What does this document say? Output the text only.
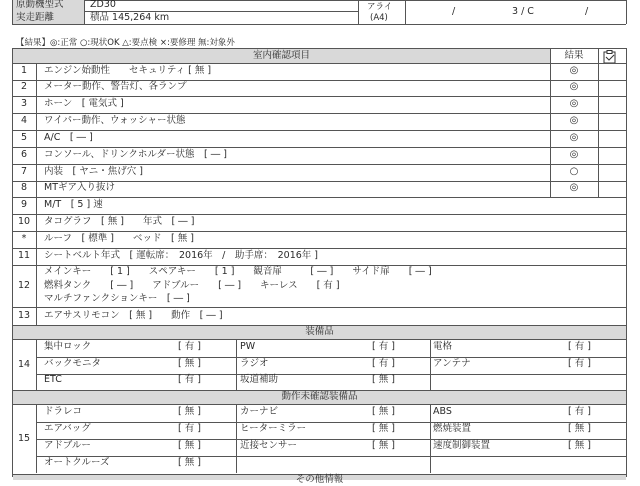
原動機型式	ZD30
実走距離	積品 145,264 km
アライ
(A4)
/	3 / C	/
【結果】◎:正常 ○:現状OK △:要点検 ×:要修理 無:対象外
室内確認項目	結果
1	エンジン始動性　　セキュリティ [ 無 ]	◎
2	メーター動作、警告灯、各ランプ	◎
3	ホーン　[ 電気式 ]	◎
4	ワイパー動作、ウォッシャー状態	◎
5	A/C　[ ― ]	◎
6	コンソール、ドリンクホルダー状態　[ ― ]	◎
7	内装　[ ヤニ・焦げ穴 ]	○
8	MTギア入り抜け	◎
9	M/T　[ 5 ] 速
10 タコグラフ　[ 無 ]　　年式　[ ― ]
*	ルーフ　[ 標準 ]　　ベッド　[ 無 ]
11 シートベルト年式　[ 運転席：　2016年　/　助手席：　2016年 ]
12
メインキー　　[ 1 ]　　スペアキー　　[ 1 ]　　観音扉　　　[ ― ]　　サイド扉　　[ ― ]
燃料タンク　　[ ― ]　　アドブルー　　[ ― ]　　キーレス　　[ 有 ]
マルチファンクションキー　[ ― ]
13 エアサスリモコン　[ 無 ]　　動作　[ ― ]
装備品
動作未確認装備品
その他情報
14
集中ロック	[ 有 ]	PW	[ 有 ]	電格	[ 有 ]
バックモニタ	[ 無 ]	ラジオ	[ 有 ]	アンテナ	[ 有 ]
ETC	[ 有 ]	坂道補助	[ 無 ]
15
ドラレコ	[ 無 ]	カーナビ	[ 無 ]	ABS	[ 有 ]
エアバッグ	[ 有 ]	ヒーターミラー	[ 無 ]	燃焼装置	[ 無 ]
アドブルー	[ 無 ]	近接センサー	[ 無 ]	速度制御装置	[ 無 ]
オートクルーズ	[ 無 ]
